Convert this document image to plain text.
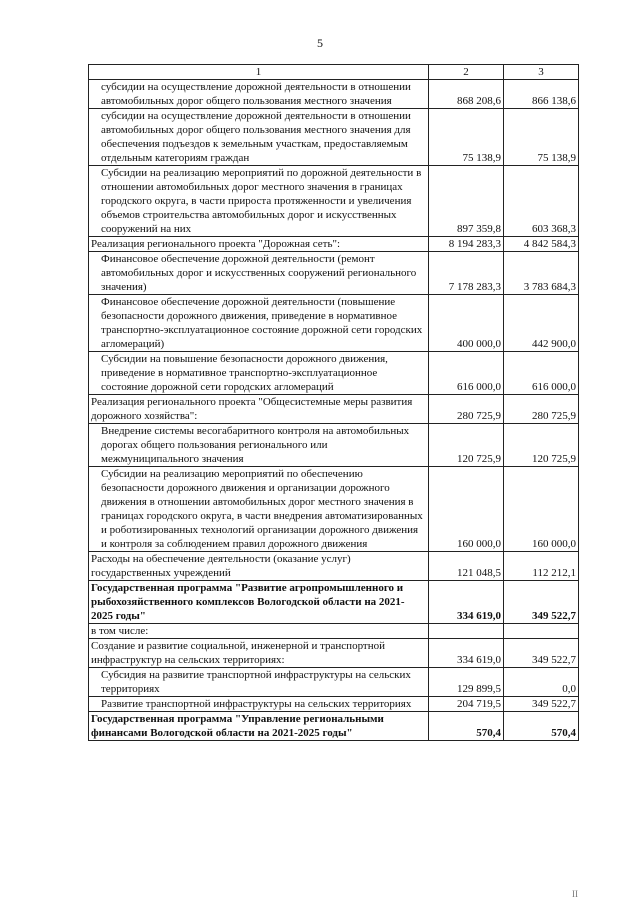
5
1	2	3
субсидии на осуществление дорожной деятельности в отношении автомобильных дорог общего пользования местного значения	868 208,6	866 138,6
субсидии на осуществление дорожной деятельности в отношении автомобильных дорог общего пользования местного значения для обеспечения подъездов к земельным участкам, предоставляемым отдельным категориям граждан	75 138,9	75 138,9
Субсидии на реализацию мероприятий по дорожной деятельности в отношении автомобильных дорог местного значения в границах городского округа, в части прироста протяженности и увеличения объемов строительства автомобильных дорог и искусственных сооружений на них	897 359,8	603 368,3
Реализация регионального проекта "Дорожная сеть":	8 194 283,3	4 842 584,3
Финансовое обеспечение дорожной деятельности (ремонт автомобильных дорог и искусственных сооружений регионального значения)	7 178 283,3	3 783 684,3
Финансовое обеспечение дорожной деятельности (повышение безопасности дорожного движения, приведение в нормативное транспортно-эксплуатационное состояние дорожной сети городских агломераций)	400 000,0	442 900,0
Субсидии на повышение безопасности дорожного движения, приведение в нормативное транспортно-эксплуатационное состояние дорожной сети городских агломераций	616 000,0	616 000,0
Реализация регионального проекта "Общесистемные меры развития дорожного хозяйства":	280 725,9	280 725,9
Внедрение системы весогабаритного контроля на автомобильных дорогах общего пользования регионального или межмуниципального значения	120 725,9	120 725,9
Субсидии на реализацию мероприятий по обеспечению безопасности дорожного движения и организации дорожного движения в отношении автомобильных дорог местного значения в границах городского округа, в части внедрения автоматизированных и роботизированных технологий организации дорожного движения и контроля за соблюдением правил дорожного движения	160 000,0	160 000,0
Расходы на обеспечение деятельности (оказание услуг) государственных учреждений	121 048,5	112 212,1
Государственная программа "Развитие агропромышленного и рыбохозяйственного комплексов Вологодской области на 2021-2025 годы"	334 619,0	349 522,7
в том числе:		
Создание и развитие социальной, инженерной и транспортной инфраструктур на сельских территориях:	334 619,0	349 522,7
Субсидия на развитие транспортной инфраструктуры на сельских территориях	129 899,5	0,0
Развитие транспортной инфраструктуры на сельских территориях	204 719,5	349 522,7
Государственная программа "Управление региональными финансами Вологодской области на 2021-2025 годы"	570,4	570,4
II
